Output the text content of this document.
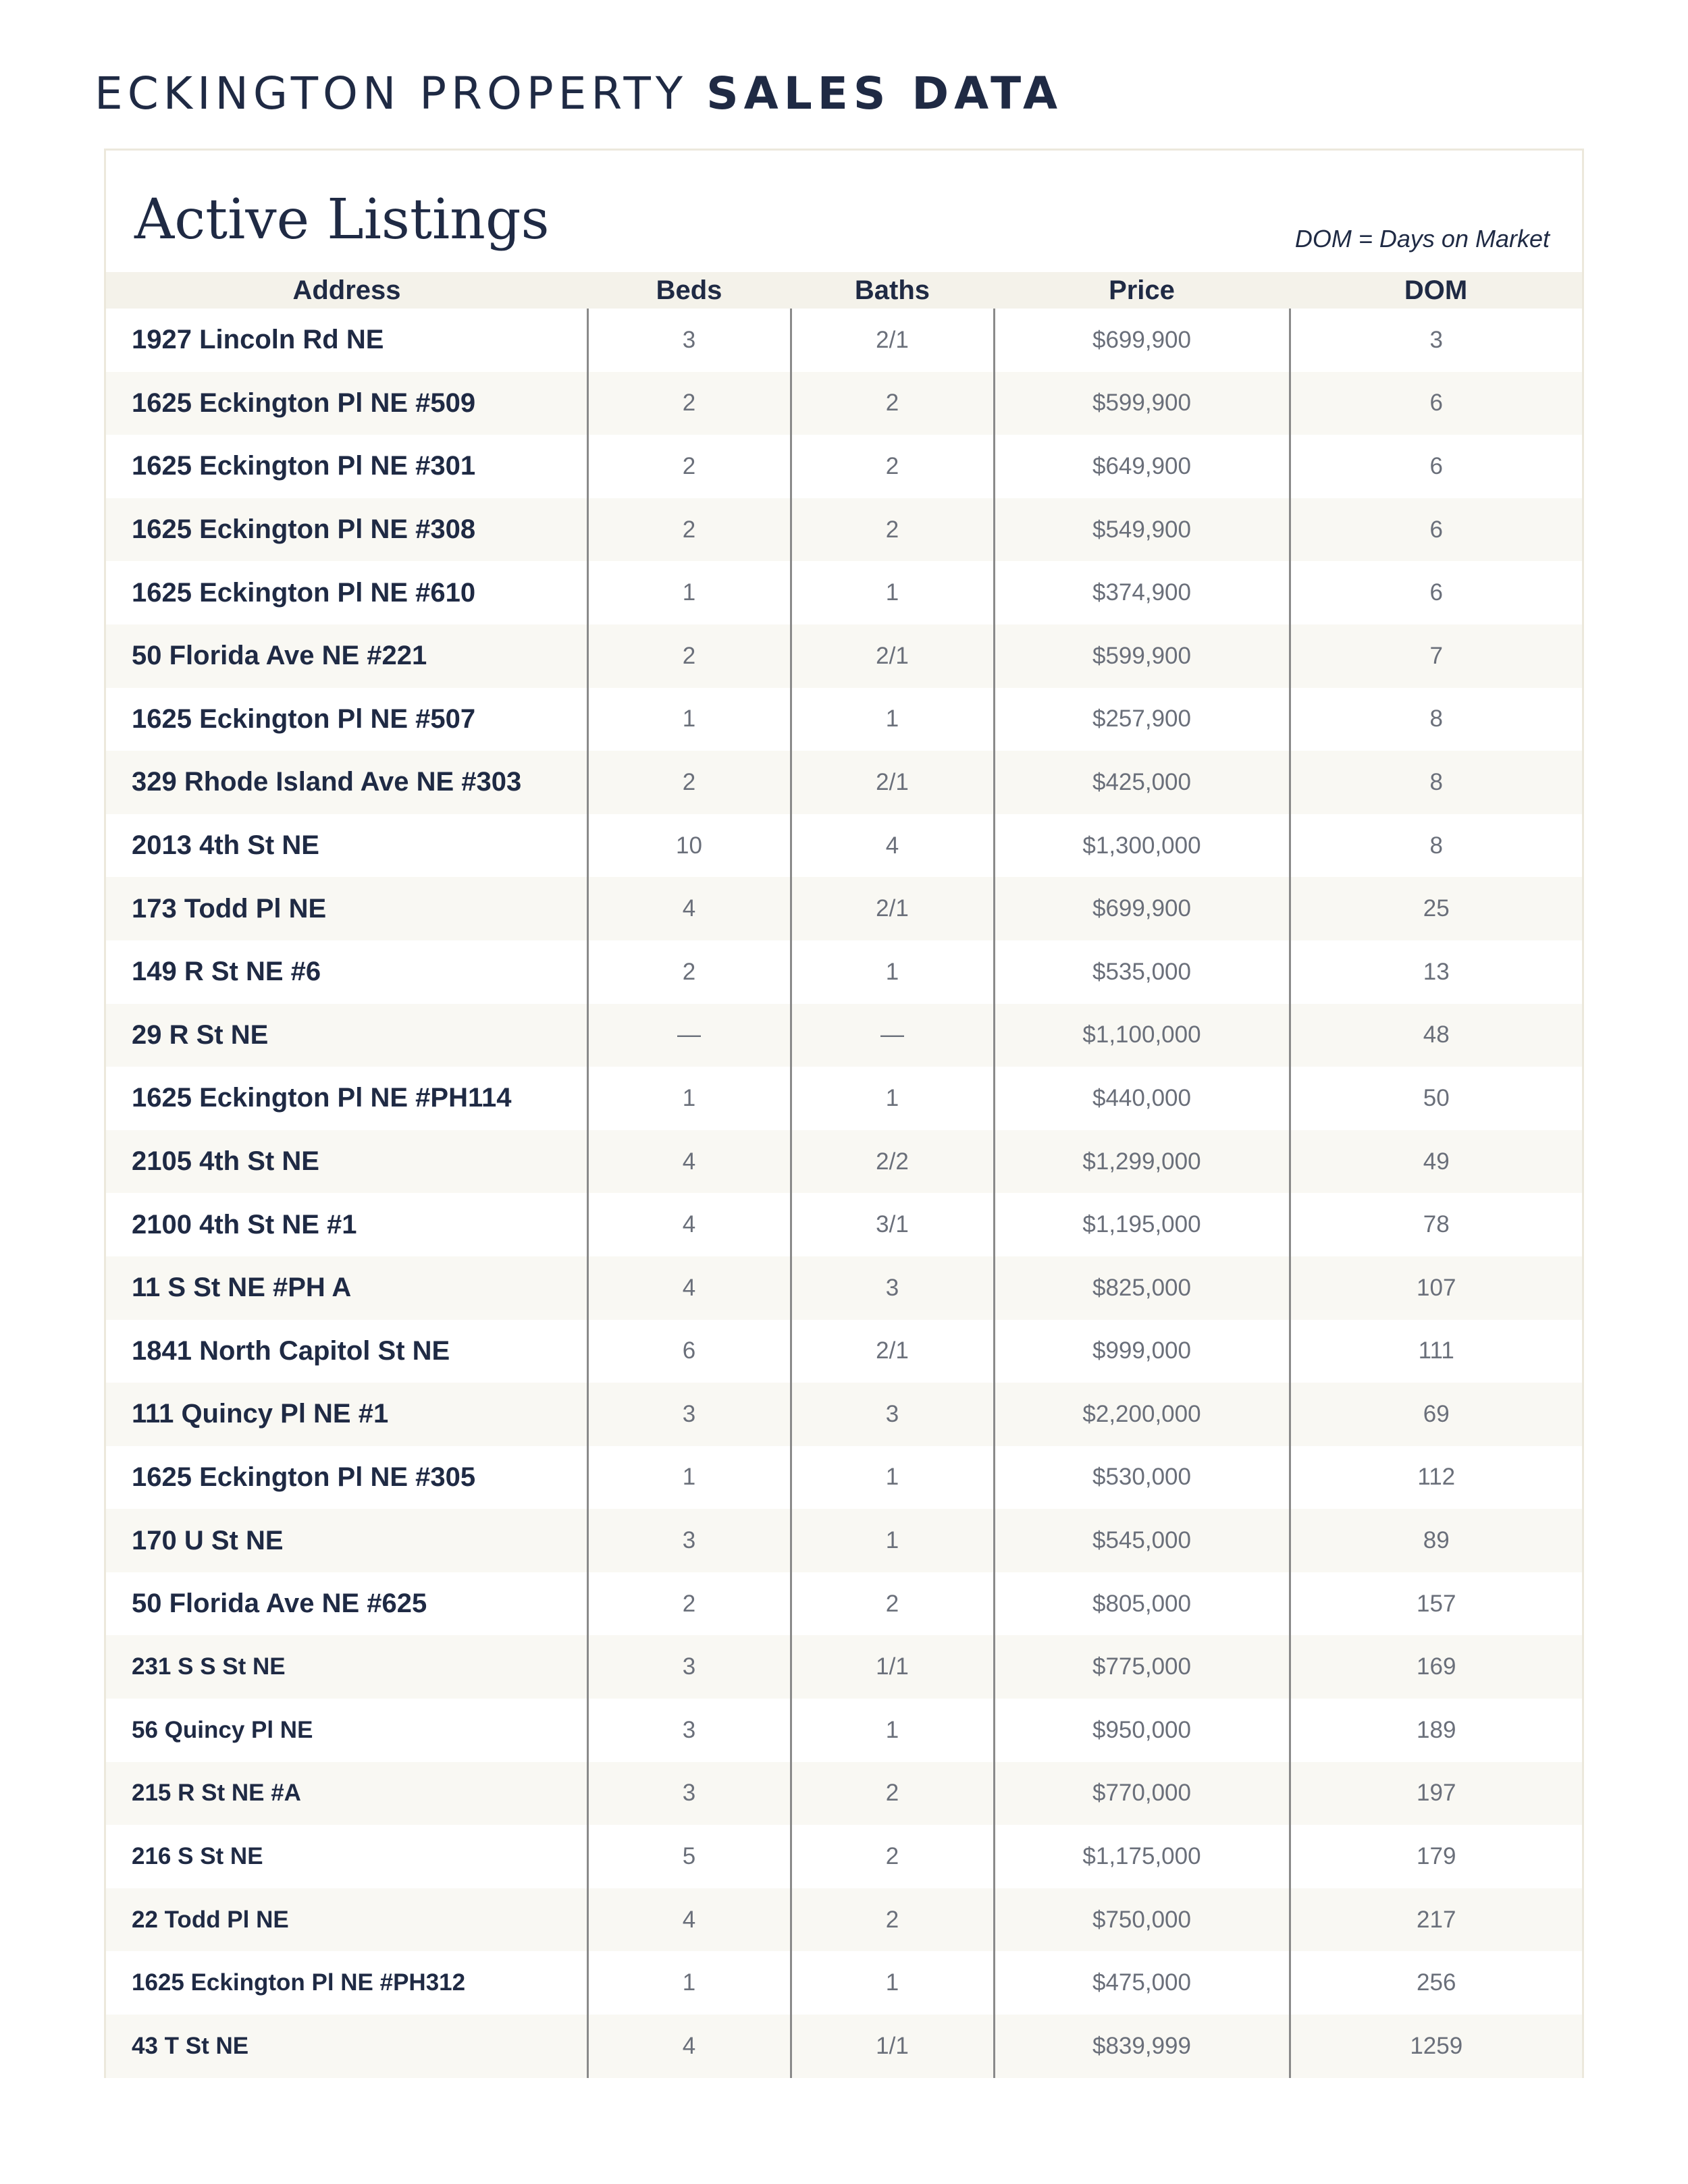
ECKINGTON PROPERTY SALES DATA
Active Listings	DOM = Days on Market
Address	Beds	Baths	Price	DOM
1927 Lincoln Rd NE	3	2/1	$699,900	3
1625 Eckington Pl NE #509	2	2	$599,900	6
1625 Eckington Pl NE #301	2	2	$649,900	6
1625 Eckington Pl NE #308	2	2	$549,900	6
1625 Eckington Pl NE #610	1	1	$374,900	6
50 Florida Ave NE #221	2	2/1	$599,900	7
1625 Eckington Pl NE #507	1	1	$257,900	8
329 Rhode Island Ave NE #303	2	2/1	$425,000	8
2013 4th St NE	10	4	$1,300,000	8
173 Todd Pl NE	4	2/1	$699,900	25
149 R St NE #6	2	1	$535,000	13
29 R St NE	—	—	$1,100,000	48
1625 Eckington Pl NE #PH114	1	1	$440,000	50
2105 4th St NE	4	2/2	$1,299,000	49
2100 4th St NE #1	4	3/1	$1,195,000	78
11 S St NE #PH A	4	3	$825,000	107
1841 North Capitol St NE	6	2/1	$999,000	111
111 Quincy Pl NE #1	3	3	$2,200,000	69
1625 Eckington Pl NE #305	1	1	$530,000	112
170 U St NE	3	1	$545,000	89
50 Florida Ave NE #625	2	2	$805,000	157
231 S S St NE	3	1/1	$775,000	169
56 Quincy Pl NE	3	1	$950,000	189
215 R St NE #A	3	2	$770,000	197
216 S St NE	5	2	$1,175,000	179
22 Todd Pl NE	4	2	$750,000	217
1625 Eckington Pl NE #PH312	1	1	$475,000	256
43 T St NE	4	1/1	$839,999	1259
